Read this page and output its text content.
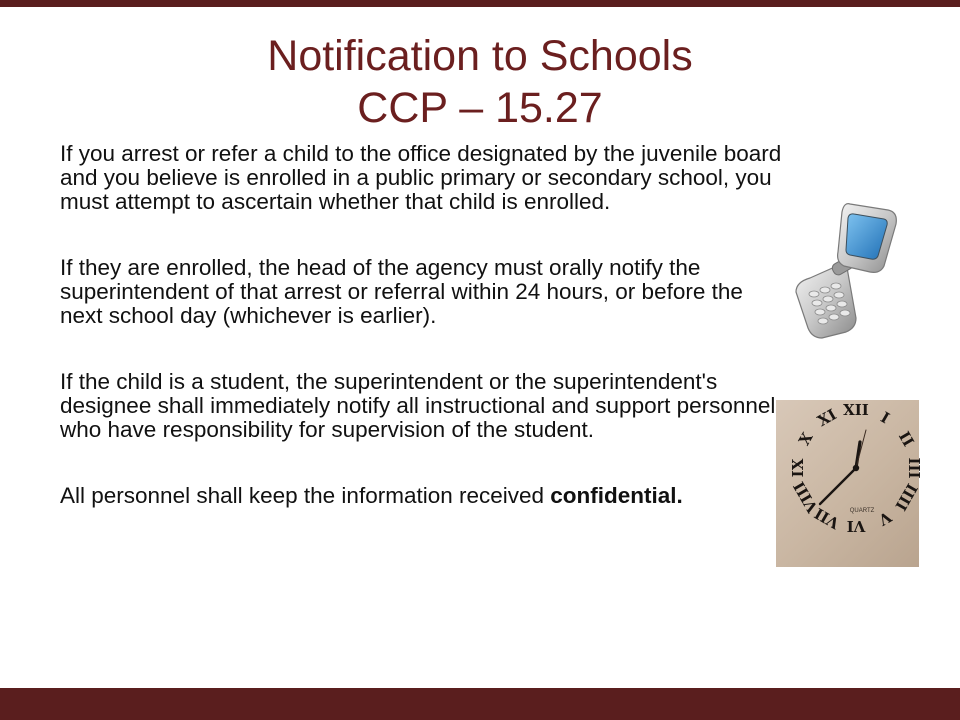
Notification to Schools
CCP – 15.27

If you arrest or refer a child to the office designated by the juvenile board and you believe is enrolled in a public primary or secondary school, you must attempt to ascertain whether that child is enrolled.

If they are enrolled, the head of the agency must orally notify the superintendent of that arrest or referral within 24 hours, or before the next school day (whichever is earlier).

If the child is a student, the superintendent or the superintendent's designee shall immediately notify all instructional and support personnel who have responsibility for supervision of the student.

All personnel shall keep the information received confidential.

XII I
II
III
IIII
V
VI
VII
VIII
IX
X
XI
QUARTZ
